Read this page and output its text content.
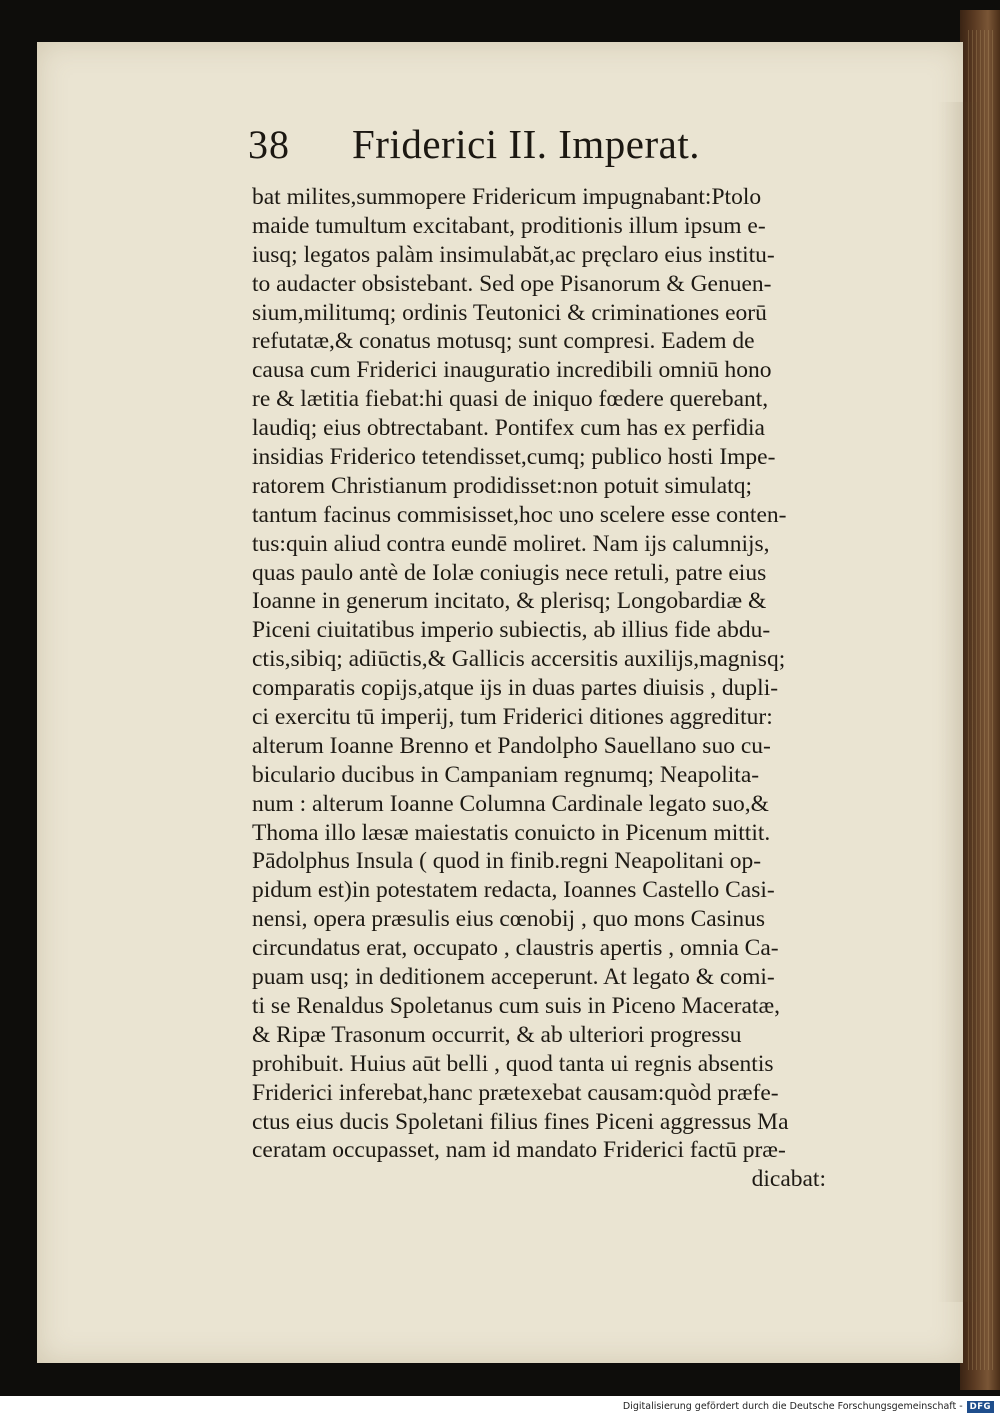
38 Friderici II. Imperat.
bat milites,summopere Fridericum impugnabant:Ptolo
maide tumultum excitabant, proditionis illum ipsum e-
iusq; legatos palàm insimulabăt,ac pręclaro eius institu-
to audacter obsistebant. Sed ope Pisanorum & Genuen-
sium,militumq; ordinis Teutonici & criminationes eorū
refutatæ,& conatus motusq; sunt compresi. Eadem de
causa cum Friderici inauguratio incredibili omniū hono
re & lætitia fiebat:hi quasi de iniquo fœdere querebant,
laudiq; eius obtrectabant. Pontifex cum has ex perfidia
insidias Friderico tetendisset,cumq; publico hosti Impe-
ratorem Christianum prodidisset:non potuit simulatq;
tantum facinus commisisset,hoc uno scelere esse conten-
tus:quin aliud contra eundē moliret. Nam ijs calumnijs,
quas paulo antè de Iolæ coniugis nece retuli, patre eius
Ioanne in generum incitato, & plerisq; Longobardiæ &
Piceni ciuitatibus imperio subiectis, ab illius fide abdu-
ctis,sibiq; adiūctis,& Gallicis accersitis auxilijs,magnisq;
comparatis copijs,atque ijs in duas partes diuisis , dupli-
ci exercitu tū imperij, tum Friderici ditiones aggreditur:
alterum Ioanne Brenno et Pandolpho Sauellano suo cu-
biculario ducibus in Campaniam regnumq; Neapolita-
num : alterum Ioanne Columna Cardinale legato suo,&
Thoma illo læsæ maiestatis conuicto in Picenum mittit.
Pādolphus Insula ( quod in finib.regni Neapolitani op-
pidum est)in potestatem redacta, Ioannes Castello Casi-
nensi, opera præsulis eius cœnobij , quo mons Casinus
circundatus erat, occupato , claustris apertis , omnia Ca-
puam usq; in deditionem acceperunt. At legato & comi-
ti se Renaldus Spoletanus cum suis in Piceno Maceratæ,
& Ripæ Trasonum occurrit, & ab ulteriori progressu
prohibuit. Huius aūt belli , quod tanta ui regnis absentis
Friderici inferebat,hanc prætexebat causam:quòd præfe-
ctus eius ducis Spoletani filius fines Piceni aggressus Ma
ceratam occupasset, nam id mandato Friderici factū præ-
dicabat:
Digitalisierung gefördert durch die Deutsche Forschungsgemeinschaft - DFG
